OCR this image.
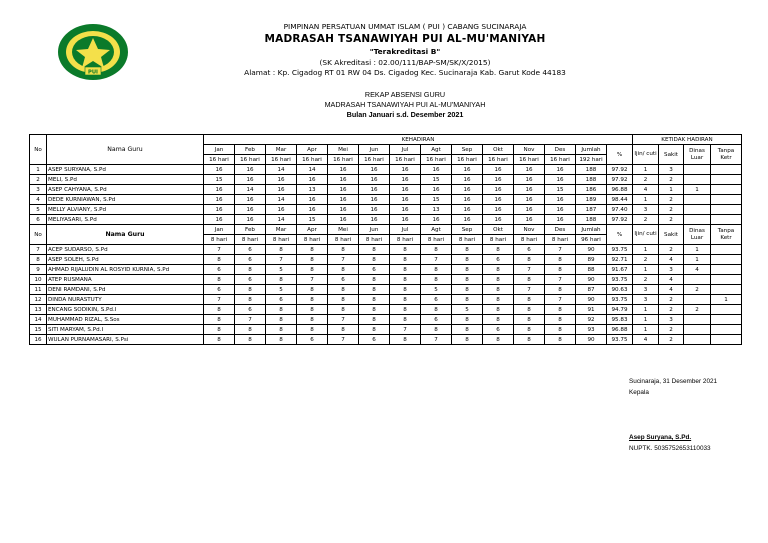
PUI
PIMPINAN PERSATUAN UMMAT ISLAM ( PUI ) CABANG SUCINARAJA
MADRASAH TSANAWIYAH PUI AL-MU'MANIYAH
"Terakreditasi B"
(SK Akreditasi : 02.00/111/BAP-SM/SK/X/2015)
Alamat : Kp. Cigadog RT 01 RW 04 Ds. Cigadog Kec. Sucinaraja Kab. Garut Kode 44183
REKAP ABSENSI GURU
MADRASAH TSANAWIYAH PUI AL-MU'MANIYAH
Bulan Januari s.d. Desember 2021
No	Nama Guru	KEHADIRAN														KETIDAK HADIRAN			
		Jan	Feb	Mar	Apr	Mei	Jun	Jul	Agt	Sep	Okt	Nov	Des	Jumlah	%	Ijin/ cuti	Sakit	Dinas Luar	Tanpa Ketr
		16 hari	16 hari	16 hari	16 hari	16 hari	16 hari	16 hari	16 hari	16 hari	16 hari	16 hari	16 hari	192 hari					
1	ASEP SURYANA, S.Pd	16	16	14	14	16	16	16	16	16	16	16	16	188	97.92	1	3		
2	MELI, S.Pd	15	16	16	16	16	16	16	15	16	16	16	16	188	97.92	2	2		
3	ASEP CAHYANA, S.Pd	16	14	16	13	16	16	16	16	16	16	16	15	186	96.88	4	1	1	
4	DEDE KURNIAWAN, S.Pd	16	16	14	16	16	16	16	15	16	16	16	16	189	98.44	1	2		
5	MELLY ALVIANY, S.Pd	16	16	16	16	16	16	16	13	16	16	16	16	187	97.40	3	2		
6	MELIYASARI, S.Pd	16	16	14	15	16	16	16	16	16	16	16	16	188	97.92	2	2		
No	Nama Guru	Jan	Feb	Mar	Apr	Mei	Jun	Jul	Agt	Sep	Okt	Nov	Des	Jumlah	%	Ijin/ cuti	Sakit	Dinas Luar	Tanpa Ketr
		8 hari	8 hari	8 hari	8 hari	8 hari	8 hari	8 hari	8 hari	8 hari	8 hari	8 hari	8 hari	96 hari					
7	ACEP SUDARSO, S.Pd	7	6	8	8	8	8	8	8	8	8	6	7	90	93.75	1	2	1	
8	ASEP SOLEH, S.Pd	8	6	7	8	7	8	8	7	8	6	8	8	89	92.71	2	4	1	
9	AHMAD RIJALUDIN AL ROSYID KURNIA, S.Pd	6	8	5	8	8	6	8	8	8	8	7	8	88	91.67	1	3	4	
10	ATEP RUSMANA	8	6	8	7	6	8	8	8	8	8	8	7	90	93.75	2	4		
11	DENI RAMDANI, S.Pd	6	8	5	8	8	8	8	5	8	8	7	8	87	90.63	3	4	2	
12	DINDA NURASTUTY	7	8	6	8	8	8	8	6	8	8	8	7	90	93.75	3	2		1
13	ENCANG SODIKIN, S.Pd.I	8	6	8	8	8	8	8	8	5	8	8	8	91	94.79	1	2	2	
14	MUHAMMAD RIZAL, S.Sos	8	7	8	8	7	8	8	6	8	8	8	8	92	95.83	1	3		
15	SITI MARYAM, S.Pd.I	8	8	8	8	8	8	7	8	8	6	8	8	93	96.88	1	2		
16	WULAN PURNAMASARI, S.Psi	8	8	8	6	7	6	8	7	8	8	8	8	90	93.75	4	2		
Sucinaraja, 31 Desember 2021
Kepala
Asep Suryana, S.Pd.
NUPTK. 5035752653110033
